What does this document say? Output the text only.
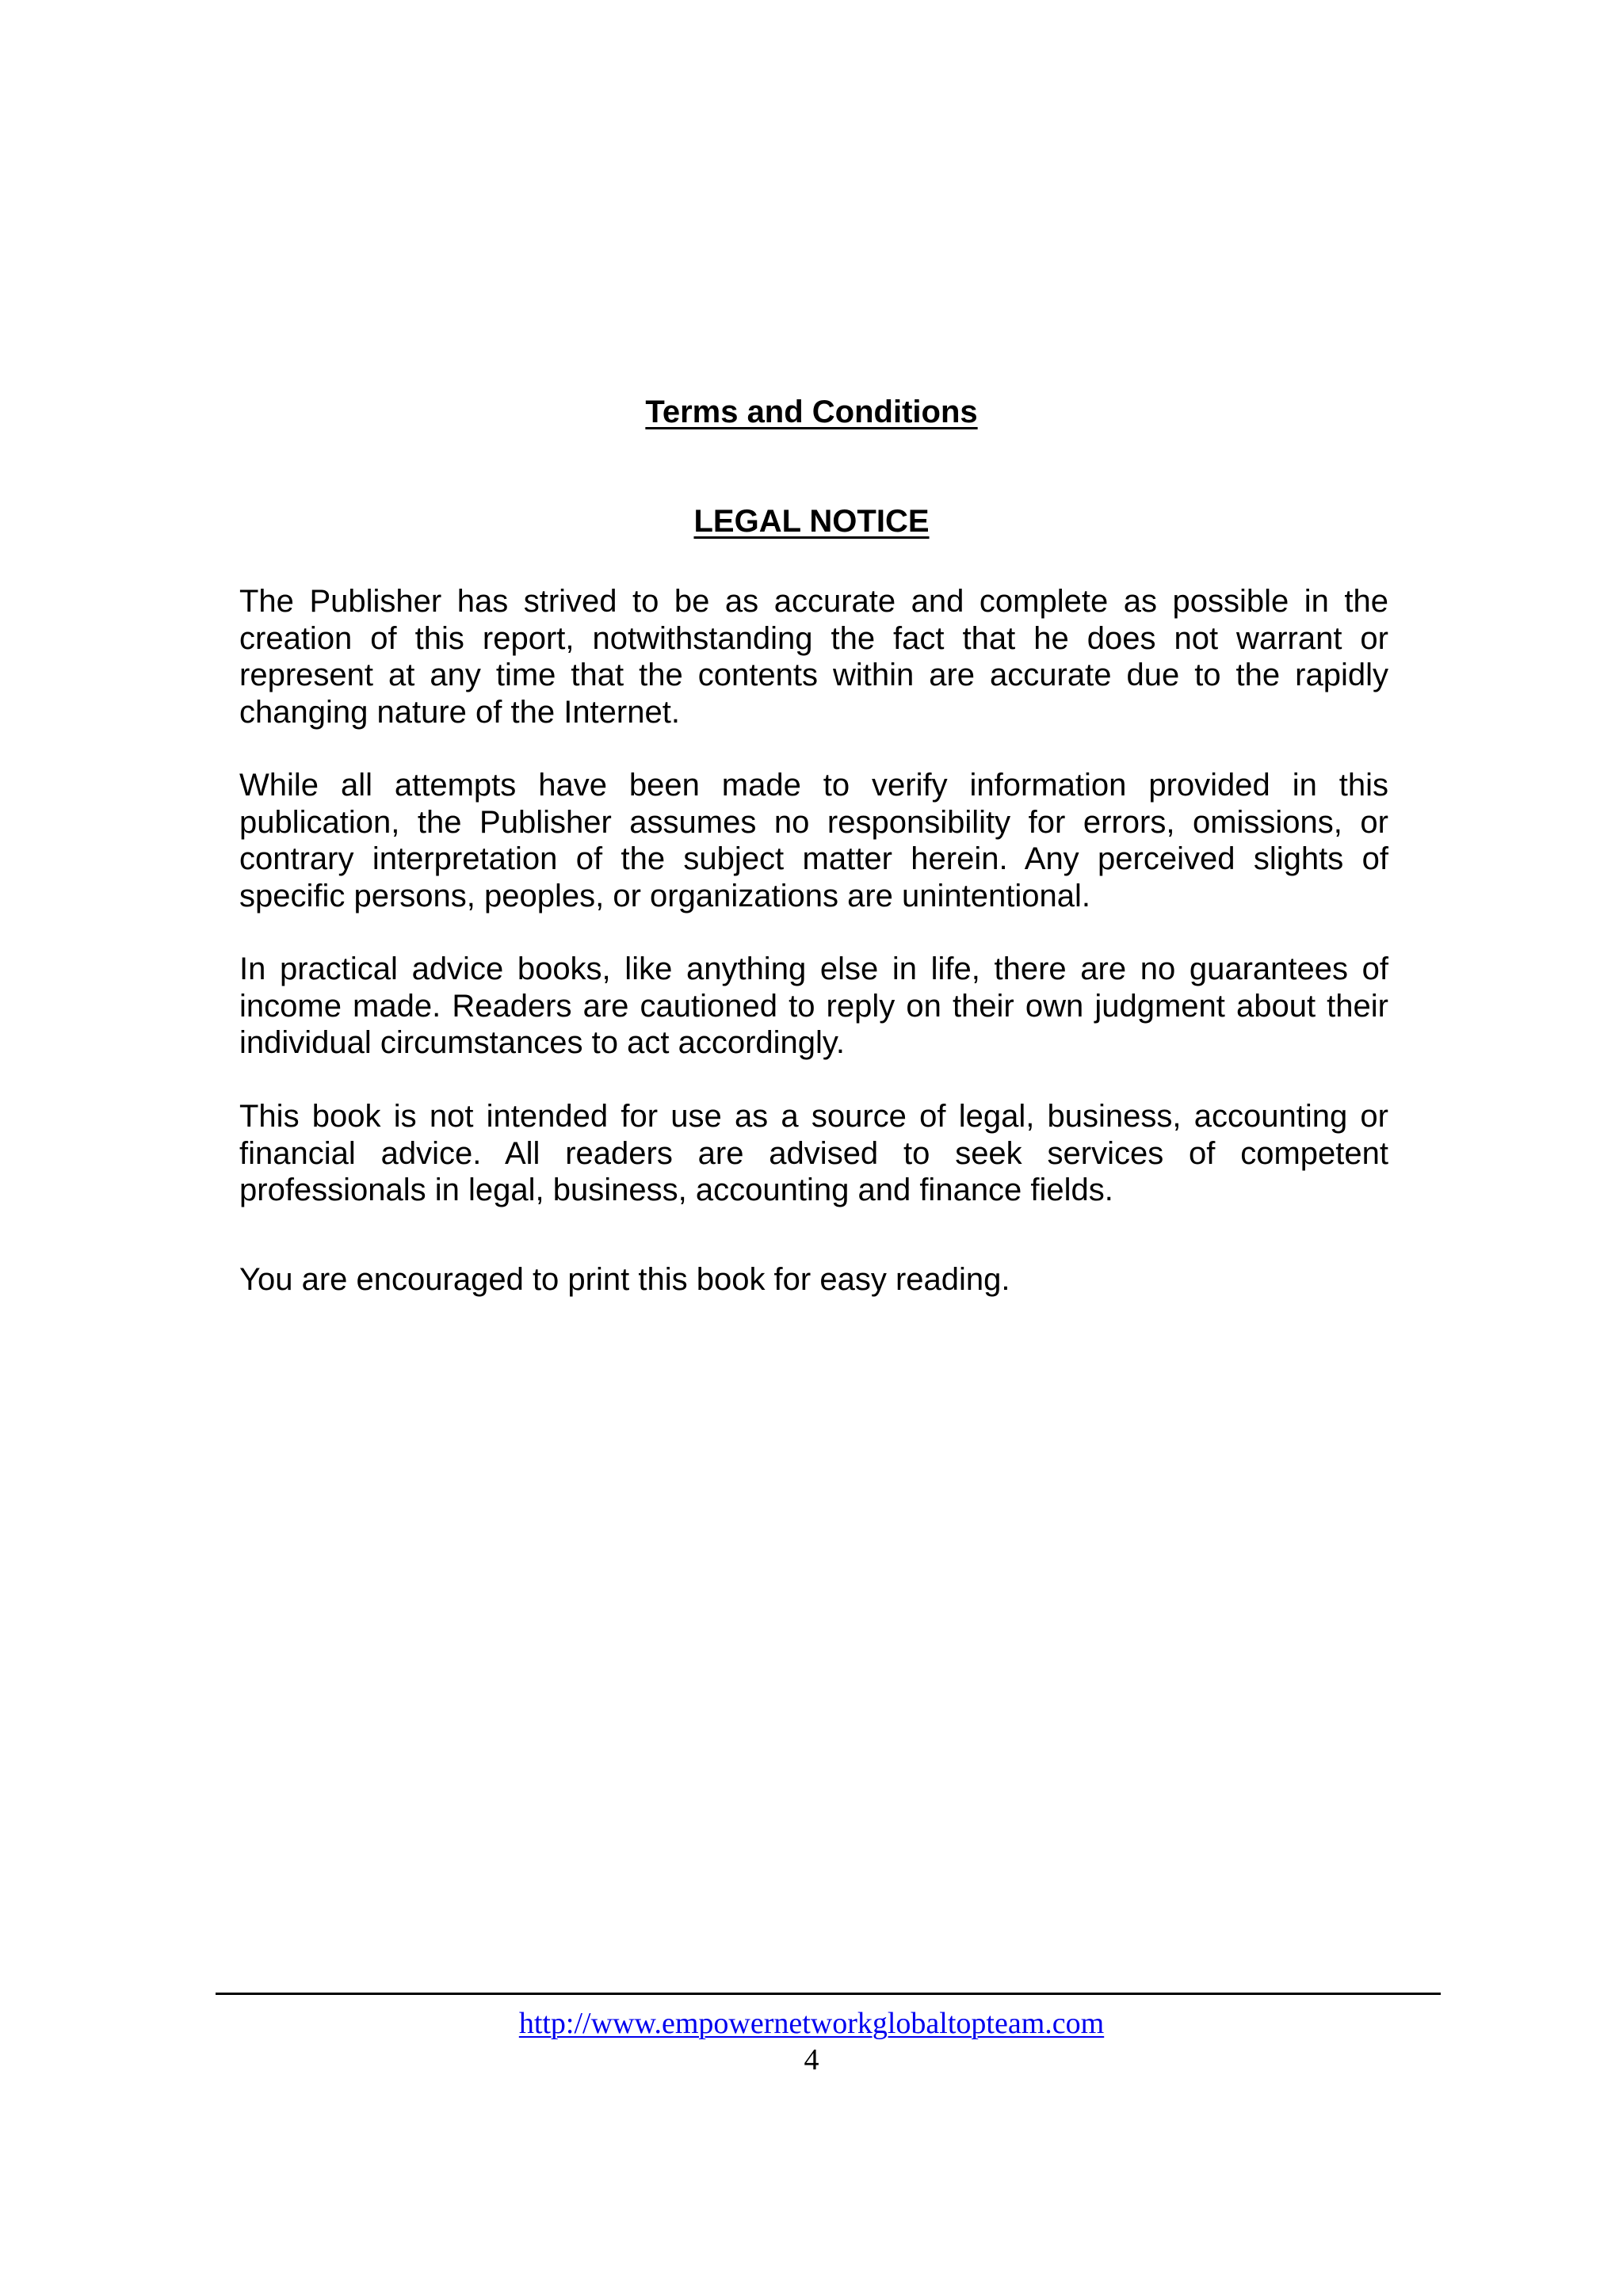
Terms and Conditions
LEGAL NOTICE

The Publisher has strived to be as accurate and complete as possible in the creation of this report, notwithstanding the fact that he does not warrant or represent at any time that the contents within are accurate due to the rapidly changing nature of the Internet.

While all attempts have been made to verify information provided in this publication, the Publisher assumes no responsibility for errors, omissions, or contrary interpretation of the subject matter herein. Any perceived slights of specific persons, peoples, or organizations are unintentional.

In practical advice books, like anything else in life, there are no guarantees of income made. Readers are cautioned to reply on their own judgment about their individual circumstances to act accordingly.

This book is not intended for use as a source of legal, business, accounting or financial advice. All readers are advised to seek services of competent professionals in legal, business, accounting and finance fields.

You are encouraged to print this book for easy reading.

http://www.empowernetworkglobaltopteam.com
4
